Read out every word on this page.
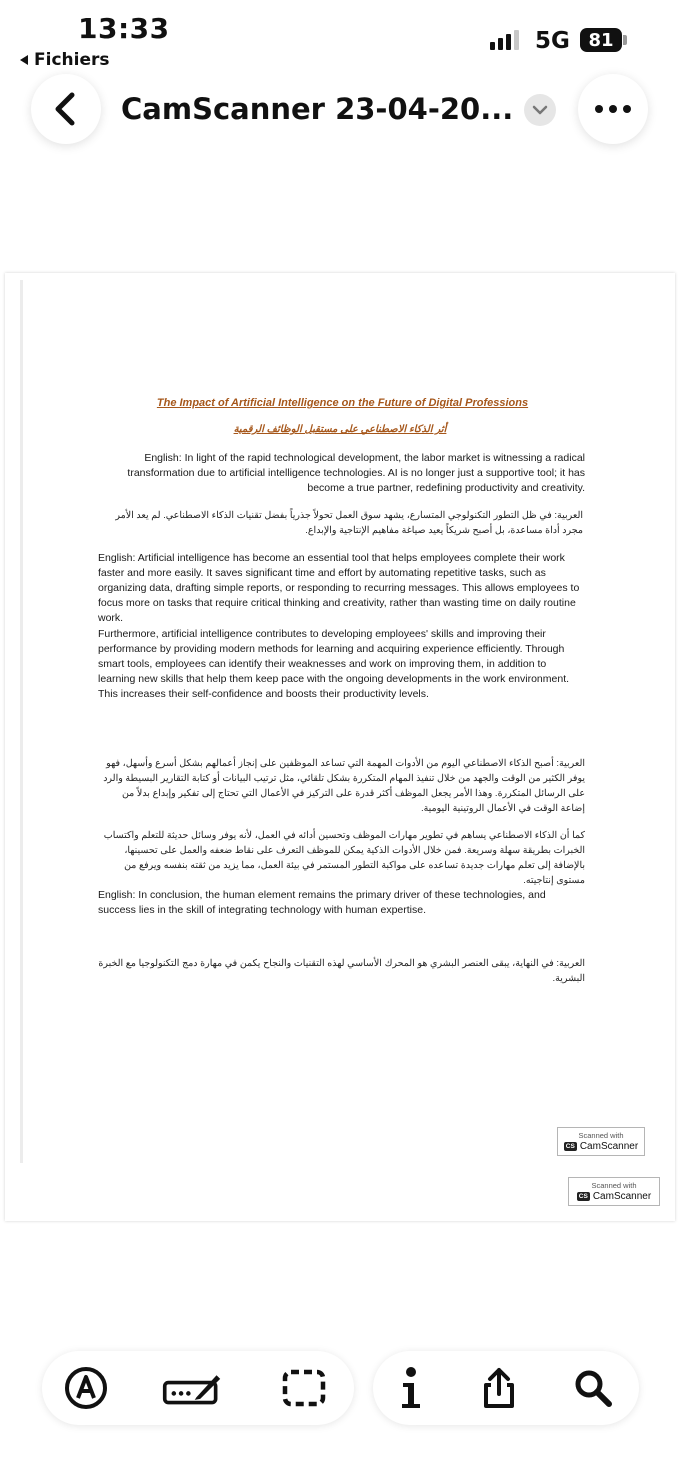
13:33
Fichiers
5G	81
CamScanner 23-04-20...
The Impact of Artificial Intelligence on the Future of Digital Professions
أثر الذكاء الاصطناعي على مستقبل الوظائف الرقمية
English: In light of the rapid technological development, the labor market is witnessing a radical transformation due to artificial intelligence technologies. AI is no longer just a supportive tool; it has become a true partner, redefining productivity and creativity.
العربية: في ظل التطور التكنولوجي المتسارع، يشهد سوق العمل تحولاً جذرياً بفضل تقنيات الذكاء الاصطناعي. لم يعد الأمر مجرد أداة مساعدة، بل أصبح شريكاً يعيد صياغة مفاهيم الإنتاجية والإبداع.
English: Artificial intelligence has become an essential tool that helps employees complete their work faster and more easily. It saves significant time and effort by automating repetitive tasks, such as organizing data, drafting simple reports, or responding to recurring messages. This allows employees to focus more on tasks that require critical thinking and creativity, rather than wasting time on daily routine work.
Furthermore, artificial intelligence contributes to developing employees' skills and improving their performance by providing modern methods for learning and acquiring experience efficiently. Through smart tools, employees can identify their weaknesses and work on improving them, in addition to learning new skills that help them keep pace with the ongoing developments in the work environment. This increases their self-confidence and boosts their productivity levels.
العربية: أصبح الذكاء الاصطناعي اليوم من الأدوات المهمة التي تساعد الموظفين على إنجاز أعمالهم بشكل أسرع وأسهل، فهو يوفر الكثير من الوقت والجهد من خلال تنفيذ المهام المتكررة بشكل تلقائي، مثل ترتيب البيانات أو كتابة التقارير البسيطة والرد على الرسائل المتكررة. وهذا الأمر يجعل الموظف أكثر قدرة على التركيز في الأعمال التي تحتاج إلى تفكير وإبداع بدلاً من إضاعة الوقت في الأعمال الروتينية اليومية.
كما أن الذكاء الاصطناعي يساهم في تطوير مهارات الموظف وتحسين أدائه في العمل، لأنه يوفر وسائل حديثة للتعلم واكتساب الخبرات بطريقة سهلة وسريعة. فمن خلال الأدوات الذكية يمكن للموظف التعرف على نقاط ضعفه والعمل على تحسينها، بالإضافة إلى تعلم مهارات جديدة تساعده على مواكبة التطور المستمر في بيئة العمل، مما يزيد من ثقته بنفسه ويرفع من مستوى إنتاجيته.
English: In conclusion, the human element remains the primary driver of these technologies, and success lies in the skill of integrating technology with human expertise.
العربية: في النهاية، يبقى العنصر البشري هو المحرك الأساسي لهذه التقنيات والنجاح يكمن في مهارة دمج التكنولوجيا مع الخبرة البشرية.
Scanned with
CS CamScanner
Scanned with
CS CamScanner
